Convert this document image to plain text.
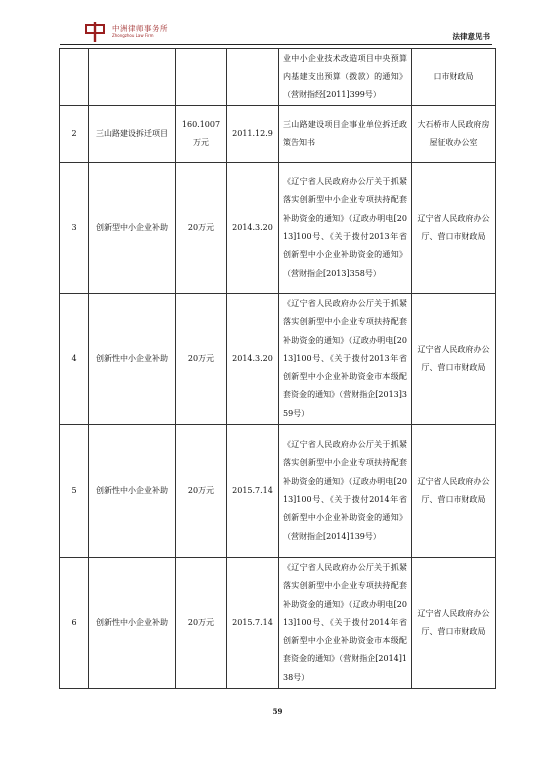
中洲律师事务所
Zhongzhou Law Firm	法律意见书
				业中小企业技术改造项目中央预算内基建支出预算（拨款）的通知》（营财指经[2011]399号）	口市财政局
2	三山路建设拆迁项目	160.1007万元	2011.12.9	三山路建设项目企事业单位拆迁政策告知书	大石桥市人民政府房屋征收办公室
3	创新型中小企业补助	20万元	2014.3.20	《辽宁省人民政府办公厅关于抓紧落实创新型中小企业专项扶持配套补助资金的通知》（辽政办明电[2013]100号、《关于拨付2013年省创新型中小企业补助资金的通知》（营财指企[2013]358号）	辽宁省人民政府办公厅、营口市财政局
4	创新性中小企业补助	20万元	2014.3.20	《辽宁省人民政府办公厅关于抓紧落实创新型中小企业专项扶持配套补助资金的通知》（辽政办明电[2013]100号、《关于拨付2013年省创新型中小企业补助资金市本级配套资金的通知》（营财指企[2013]359号）	辽宁省人民政府办公厅、营口市财政局
5	创新性中小企业补助	20万元	2015.7.14	《辽宁省人民政府办公厅关于抓紧落实创新型中小企业专项扶持配套补助资金的通知》（辽政办明电[2013]100号、《关于拨付2014年省创新型中小企业补助资金的通知》（营财指企[2014]139号）	辽宁省人民政府办公厅、营口市财政局
6	创新性中小企业补助	20万元	2015.7.14	《辽宁省人民政府办公厅关于抓紧落实创新型中小企业专项扶持配套补助资金的通知》（辽政办明电[2013]100号、《关于拨付2014年省创新型中小企业补助资金市本级配套资金的通知》（营财指企[2014]138号）	辽宁省人民政府办公厅、营口市财政局
59
